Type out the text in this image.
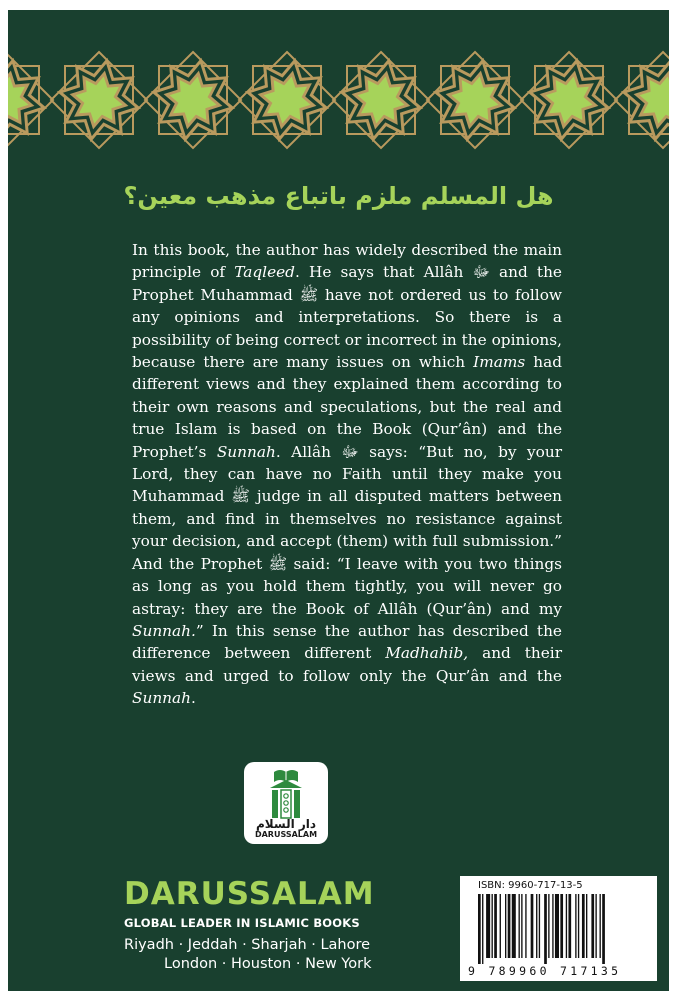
هل المسلم ملزم باتباع مذهب معين؟

In this book, the author has widely described the main principle of Taqleed. He says that Allâh ﷻ and the Prophet Muhammad ﷺ have not ordered us to follow any opinions and interpretations. So there is a possibility of being correct or incorrect in the opinions, because there are many issues on which Imams had different views and they explained them according to their own reasons and speculations, but the real and true Islam is based on the Book (Qur’ân) and the Prophet’s Sunnah. Allâh ﷻ says: “But no, by your Lord, they can have no Faith until they make you Muhammad ﷺ judge in all disputed matters between them, and find in themselves no resistance against your decision, and accept (them) with full submission.” And the Prophet ﷺ said: “I leave with you two things as long as you hold them tightly, you will never go astray: they are the Book of Allâh (Qur’ân) and my Sunnah.” In this sense the author has described the difference between different Madhahib, and their views and urged to follow only the Qur’ân and the Sunnah.

دار السلام
DARUSSALAM
DARUSSALAM
GLOBAL LEADER IN ISLAMIC BOOKS
Riyadh · Jeddah · Sharjah · Lahore
London · Houston · New York
ISBN: 9960-717-13-5
9 789960 717135
